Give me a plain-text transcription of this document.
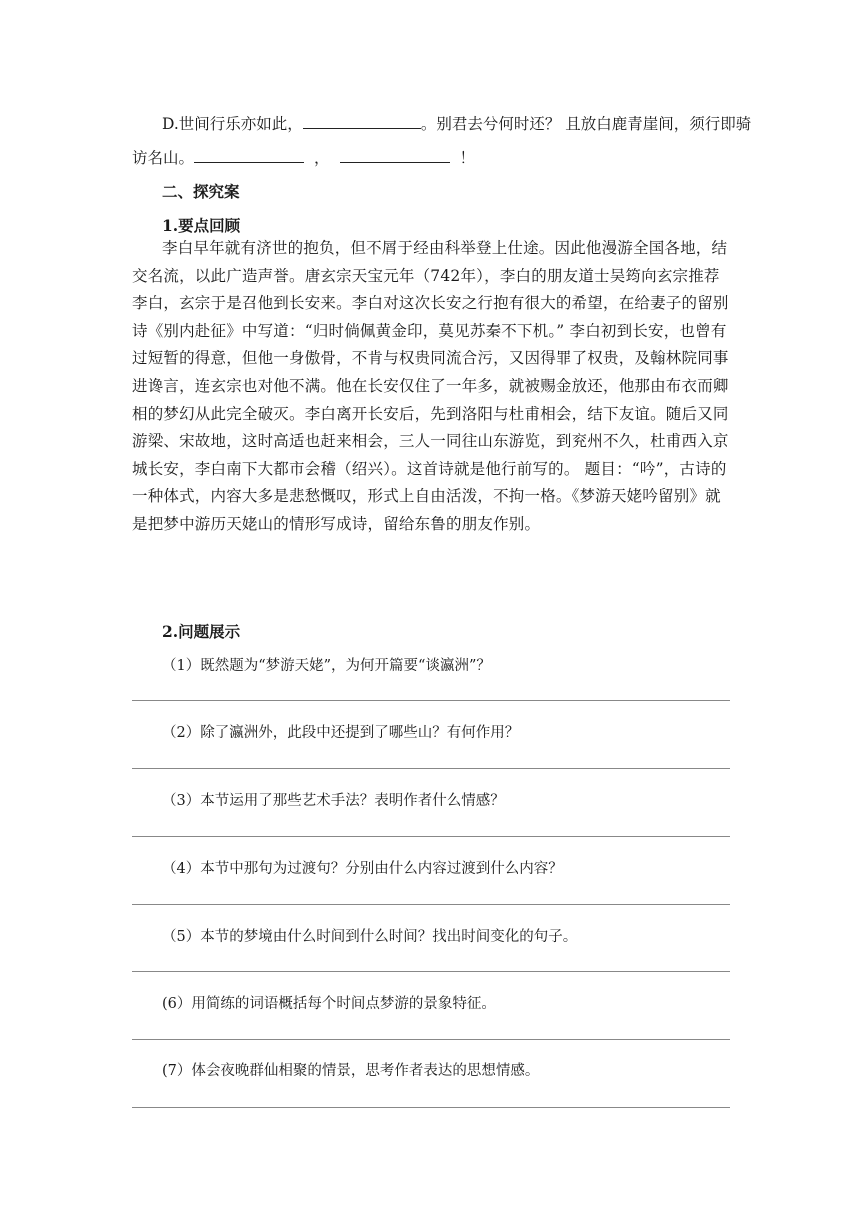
D.世间行乐亦如此，	。别君去兮何时还？ 且放白鹿青崖间，须行即骑

访名山。	，	！

二、探究案

1.要点回顾

李白早年就有济世的抱负，但不屑于经由科举登上仕途。因此他漫游全国各地，结交名流，以此广造声誉。唐玄宗天宝元年（742年），李白的朋友道士吴筠向玄宗推荐李白，玄宗于是召他到长安来。李白对这次长安之行抱有很大的希望，在给妻子的留别诗《别内赴征》中写道：“归时倘佩黄金印，莫见苏秦不下机。” 李白初到长安，也曾有过短暂的得意，但他一身傲骨，不肯与权贵同流合污，又因得罪了权贵，及翰林院同事进谗言，连玄宗也对他不满。他在长安仅住了一年多，就被赐金放还，他那由布衣而卿相的梦幻从此完全破灭。李白离开长安后，先到洛阳与杜甫相会，结下友谊。随后又同游梁、宋故地，这时高适也赶来相会，三人一同往山东游览，到兖州不久，杜甫西入京城长安，李白南下大都市会稽（绍兴）。这首诗就是他行前写的。 题目：“吟”，古诗的一种体式，内容大多是悲愁慨叹，形式上自由活泼，不拘一格。《梦游天姥吟留别》就是把梦中游历天姥山的情形写成诗，留给东鲁的朋友作别。

2.问题展示

（1）既然题为“梦游天姥”，为何开篇要“谈瀛洲”？

（2）除了瀛洲外，此段中还提到了哪些山？有何作用？

（3）本节运用了那些艺术手法？表明作者什么情感？

（4）本节中那句为过渡句？分别由什么内容过渡到什么内容？

（5）本节的梦境由什么时间到什么时间？找出时间变化的句子。

(6）用简练的词语概括每个时间点梦游的景象特征。

(7）体会夜晚群仙相聚的情景，思考作者表达的思想情感。
